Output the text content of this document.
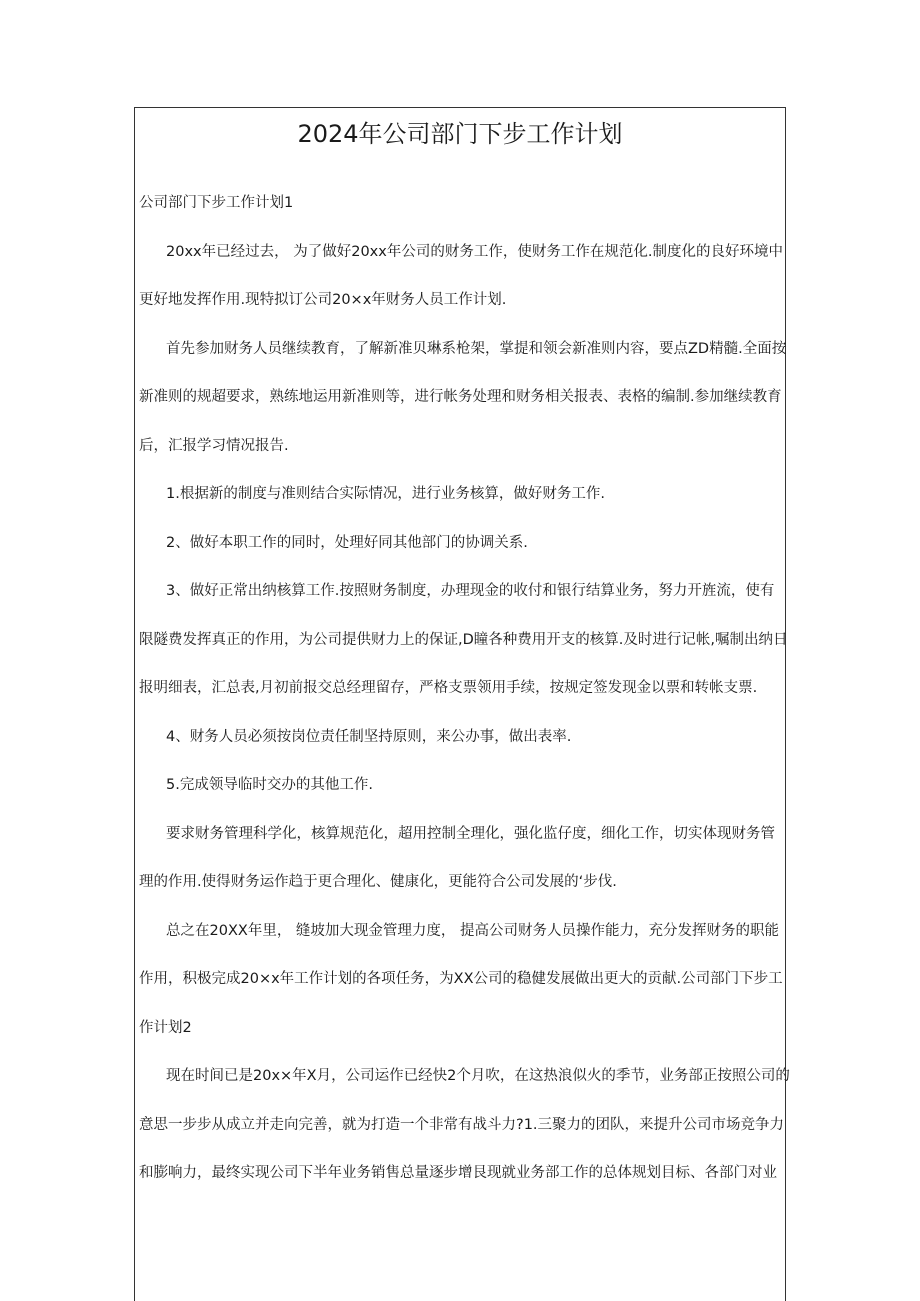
2024年公司部门下步工作计划
公司部门下步工作计划1
20xx年已经过去， 为了做好20xx年公司的财务工作，使财务工作在规范化.制度化的良好环境中
更好地发挥作用.现特拟订公司20×x年财务人员工作计划.
首先参加财务人员继续教育，了解新准贝琳系枪架，掌提和领会新准则内容，要点ZD精髓.全面按
新准则的规超要求，熟练地运用新准则等，进行帐务处理和财务相关报表、表格的编制.参加继续教育
后，汇报学习情况报告.
1.根据新的制度与准则结合实际情况，进行业务核算，做好财务工作.
2、做好本职工作的同时，处理好同其他部门的协调关系.
3、做好正常出纳核算工作.按照财务制度，办理现金的收付和银行结算业务，努力开旌流，使有
限隧费发挥真正的作用，为公司提供财力上的保证,D瞳各种费用开支的核算.及时进行记帐,嘱制出纳日
报明细表，汇总表,月初前报交总经理留存，严格支票领用手续，按规定签发现金以票和转帐支票.
4、财务人员必须按岗位责任制坚持原则，来公办事，做出表率.
5.完成领导临时交办的其他工作.
要求财务管理科学化，核算规范化，超用控制全理化，强化监仔度，细化工作，切实体现财务管
理的作用.使得财务运作趋于更合理化、健康化，更能符合公司发展的‘步伐.
总之在20XX年里， 缝坡加大现金管理力度， 提高公司财务人员操作能力，充分发挥财务的职能
作用，积极完成20×x年工作计划的各项任务，为XX公司的稳健发展做出更大的贡献.公司部门下步工
作计划2
现在时间已是20x×年X月，公司运作已经快2个月吹，在这热浪似火的季节，业务部正按照公司的
意思一步步从成立并走向完善，就为打造一个非常有战斗力?1.三聚力的团队，来提升公司市场竞争力
和膨响力，最终实现公司下半年业务销售总量逐步增艮现就业务部工作的总体规划目标、各部门对业
